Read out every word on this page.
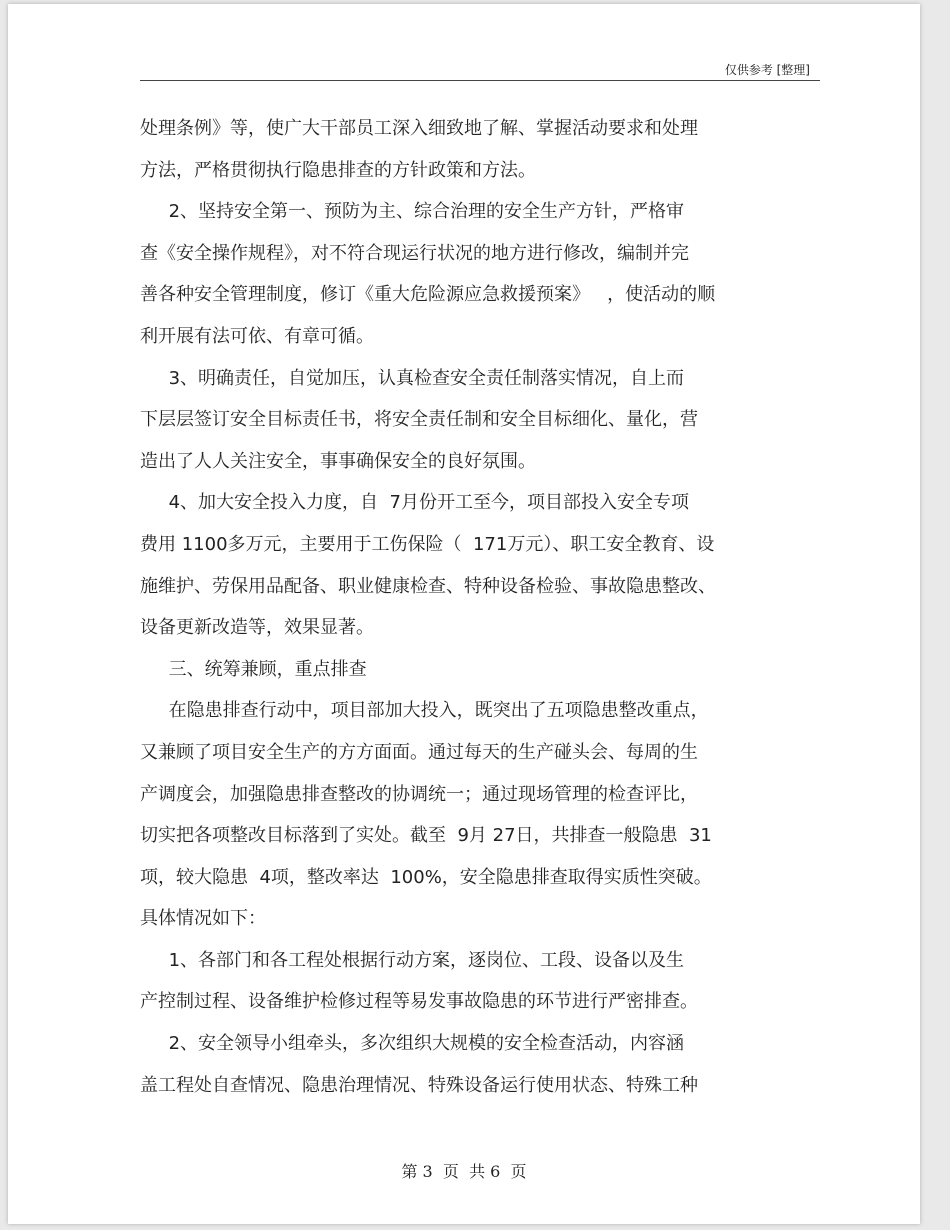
仅供参考 [整理]
处理条例》等，使广大干部员工深入细致地了解、掌握活动要求和处理
方法，严格贯彻执行隐患排查的方针政策和方法。
2、坚持安全第一、预防为主、综合治理的安全生产方针，严格审
查《安全操作规程》，对不符合现运行状况的地方进行修改，编制并完
善各种安全管理制度，修订《重大危险源应急救援预案》   ，使活动的顺
利开展有法可依、有章可循。
3、明确责任，自觉加压，认真检查安全责任制落实情况，自上而
下层层签订安全目标责任书，将安全责任制和安全目标细化、量化，营
造出了人人关注安全，事事确保安全的良好氛围。
4、加大安全投入力度，自  7月份开工至今，项目部投入安全专项
费用 1100多万元，主要用于工伤保险（  171万元）、职工安全教育、设
施维护、劳保用品配备、职业健康检查、特种设备检验、事故隐患整改、
设备更新改造等，效果显著。
三、统筹兼顾，重点排查
在隐患排查行动中，项目部加大投入，既突出了五项隐患整改重点，
又兼顾了项目安全生产的方方面面。通过每天的生产碰头会、每周的生
产调度会，加强隐患排查整改的协调统一；通过现场管理的检查评比，
切实把各项整改目标落到了实处。截至  9月 27日，共排查一般隐患  31
项，较大隐患  4项，整改率达  100%，安全隐患排查取得实质性突破。
具体情况如下：
1、各部门和各工程处根据行动方案，逐岗位、工段、设备以及生
产控制过程、设备维护检修过程等易发事故隐患的环节进行严密排查。
2、安全领导小组牵头，多次组织大规模的安全检查活动，内容涵
盖工程处自查情况、隐患治理情况、特殊设备运行使用状态、特殊工种
第 3  页  共 6  页
